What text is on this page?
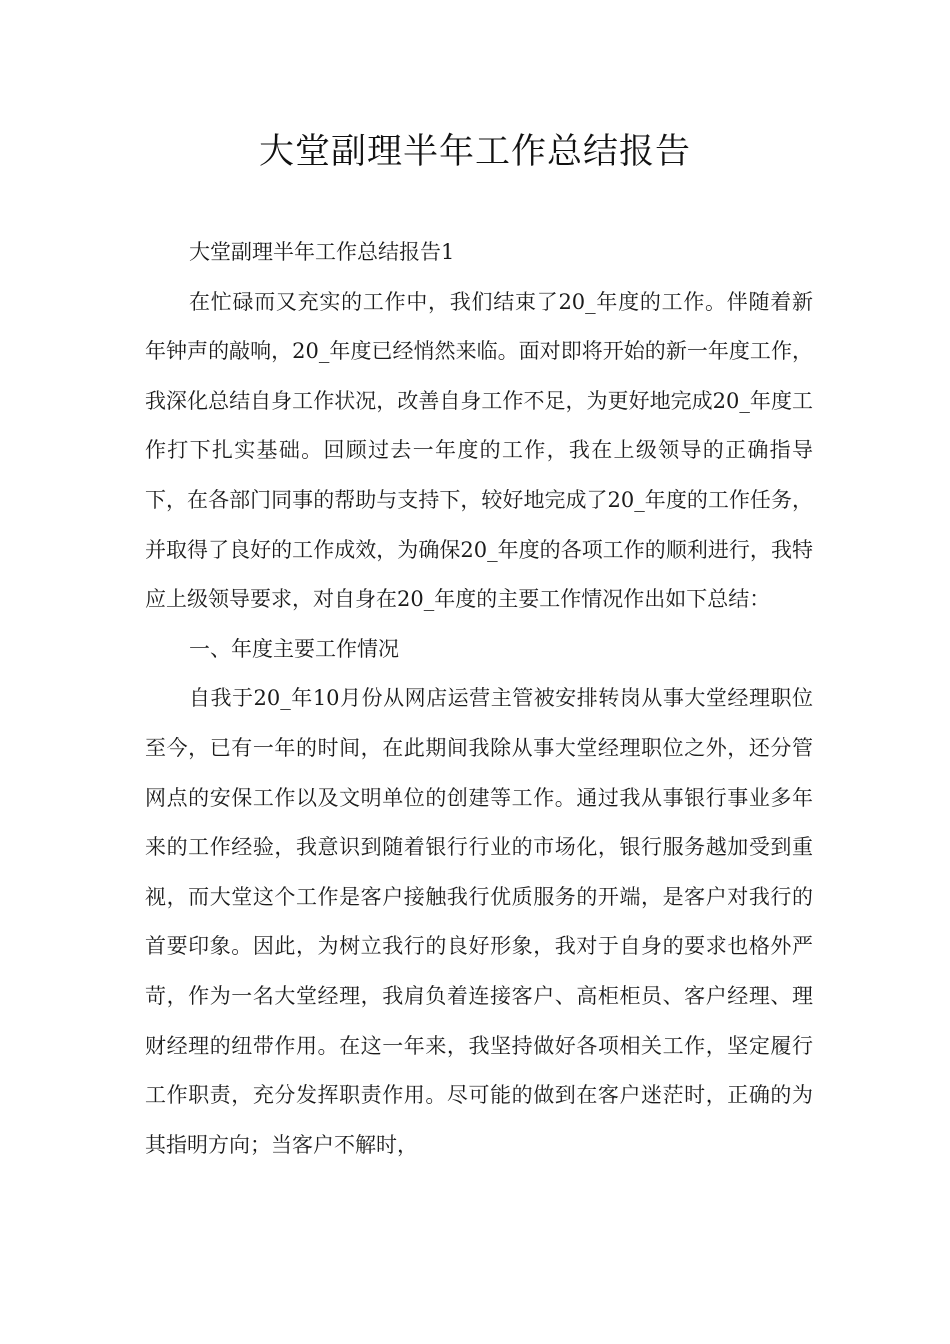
大堂副理半年工作总结报告

大堂副理半年工作总结报告1

在忙碌而又充实的工作中，我们结束了20_年度的工作。伴随着新年钟声的敲响，20_年度已经悄然来临。面对即将开始的新一年度工作，我深化总结自身工作状况，改善自身工作不足，为更好地完成20_年度工作打下扎实基础。回顾过去一年度的工作，我在上级领导的正确指导下，在各部门同事的帮助与支持下，较好地完成了20_年度的工作任务，并取得了良好的工作成效，为确保20_年度的各项工作的顺利进行，我特应上级领导要求，对自身在20_年度的主要工作情况作出如下总结：

一、年度主要工作情况

自我于20_年10月份从网店运营主管被安排转岗从事大堂经理职位至今，已有一年的时间，在此期间我除从事大堂经理职位之外，还分管网点的安保工作以及文明单位的创建等工作。通过我从事银行事业多年来的工作经验，我意识到随着银行行业的市场化，银行服务越加受到重视，而大堂这个工作是客户接触我行优质服务的开端，是客户对我行的首要印象。因此，为树立我行的良好形象，我对于自身的要求也格外严苛，作为一名大堂经理，我肩负着连接客户、高柜柜员、客户经理、理财经理的纽带作用。在这一年来，我坚持做好各项相关工作，坚定履行工作职责，充分发挥职责作用。尽可能的做到在客户迷茫时，正确的为其指明方向；当客户不解时，
